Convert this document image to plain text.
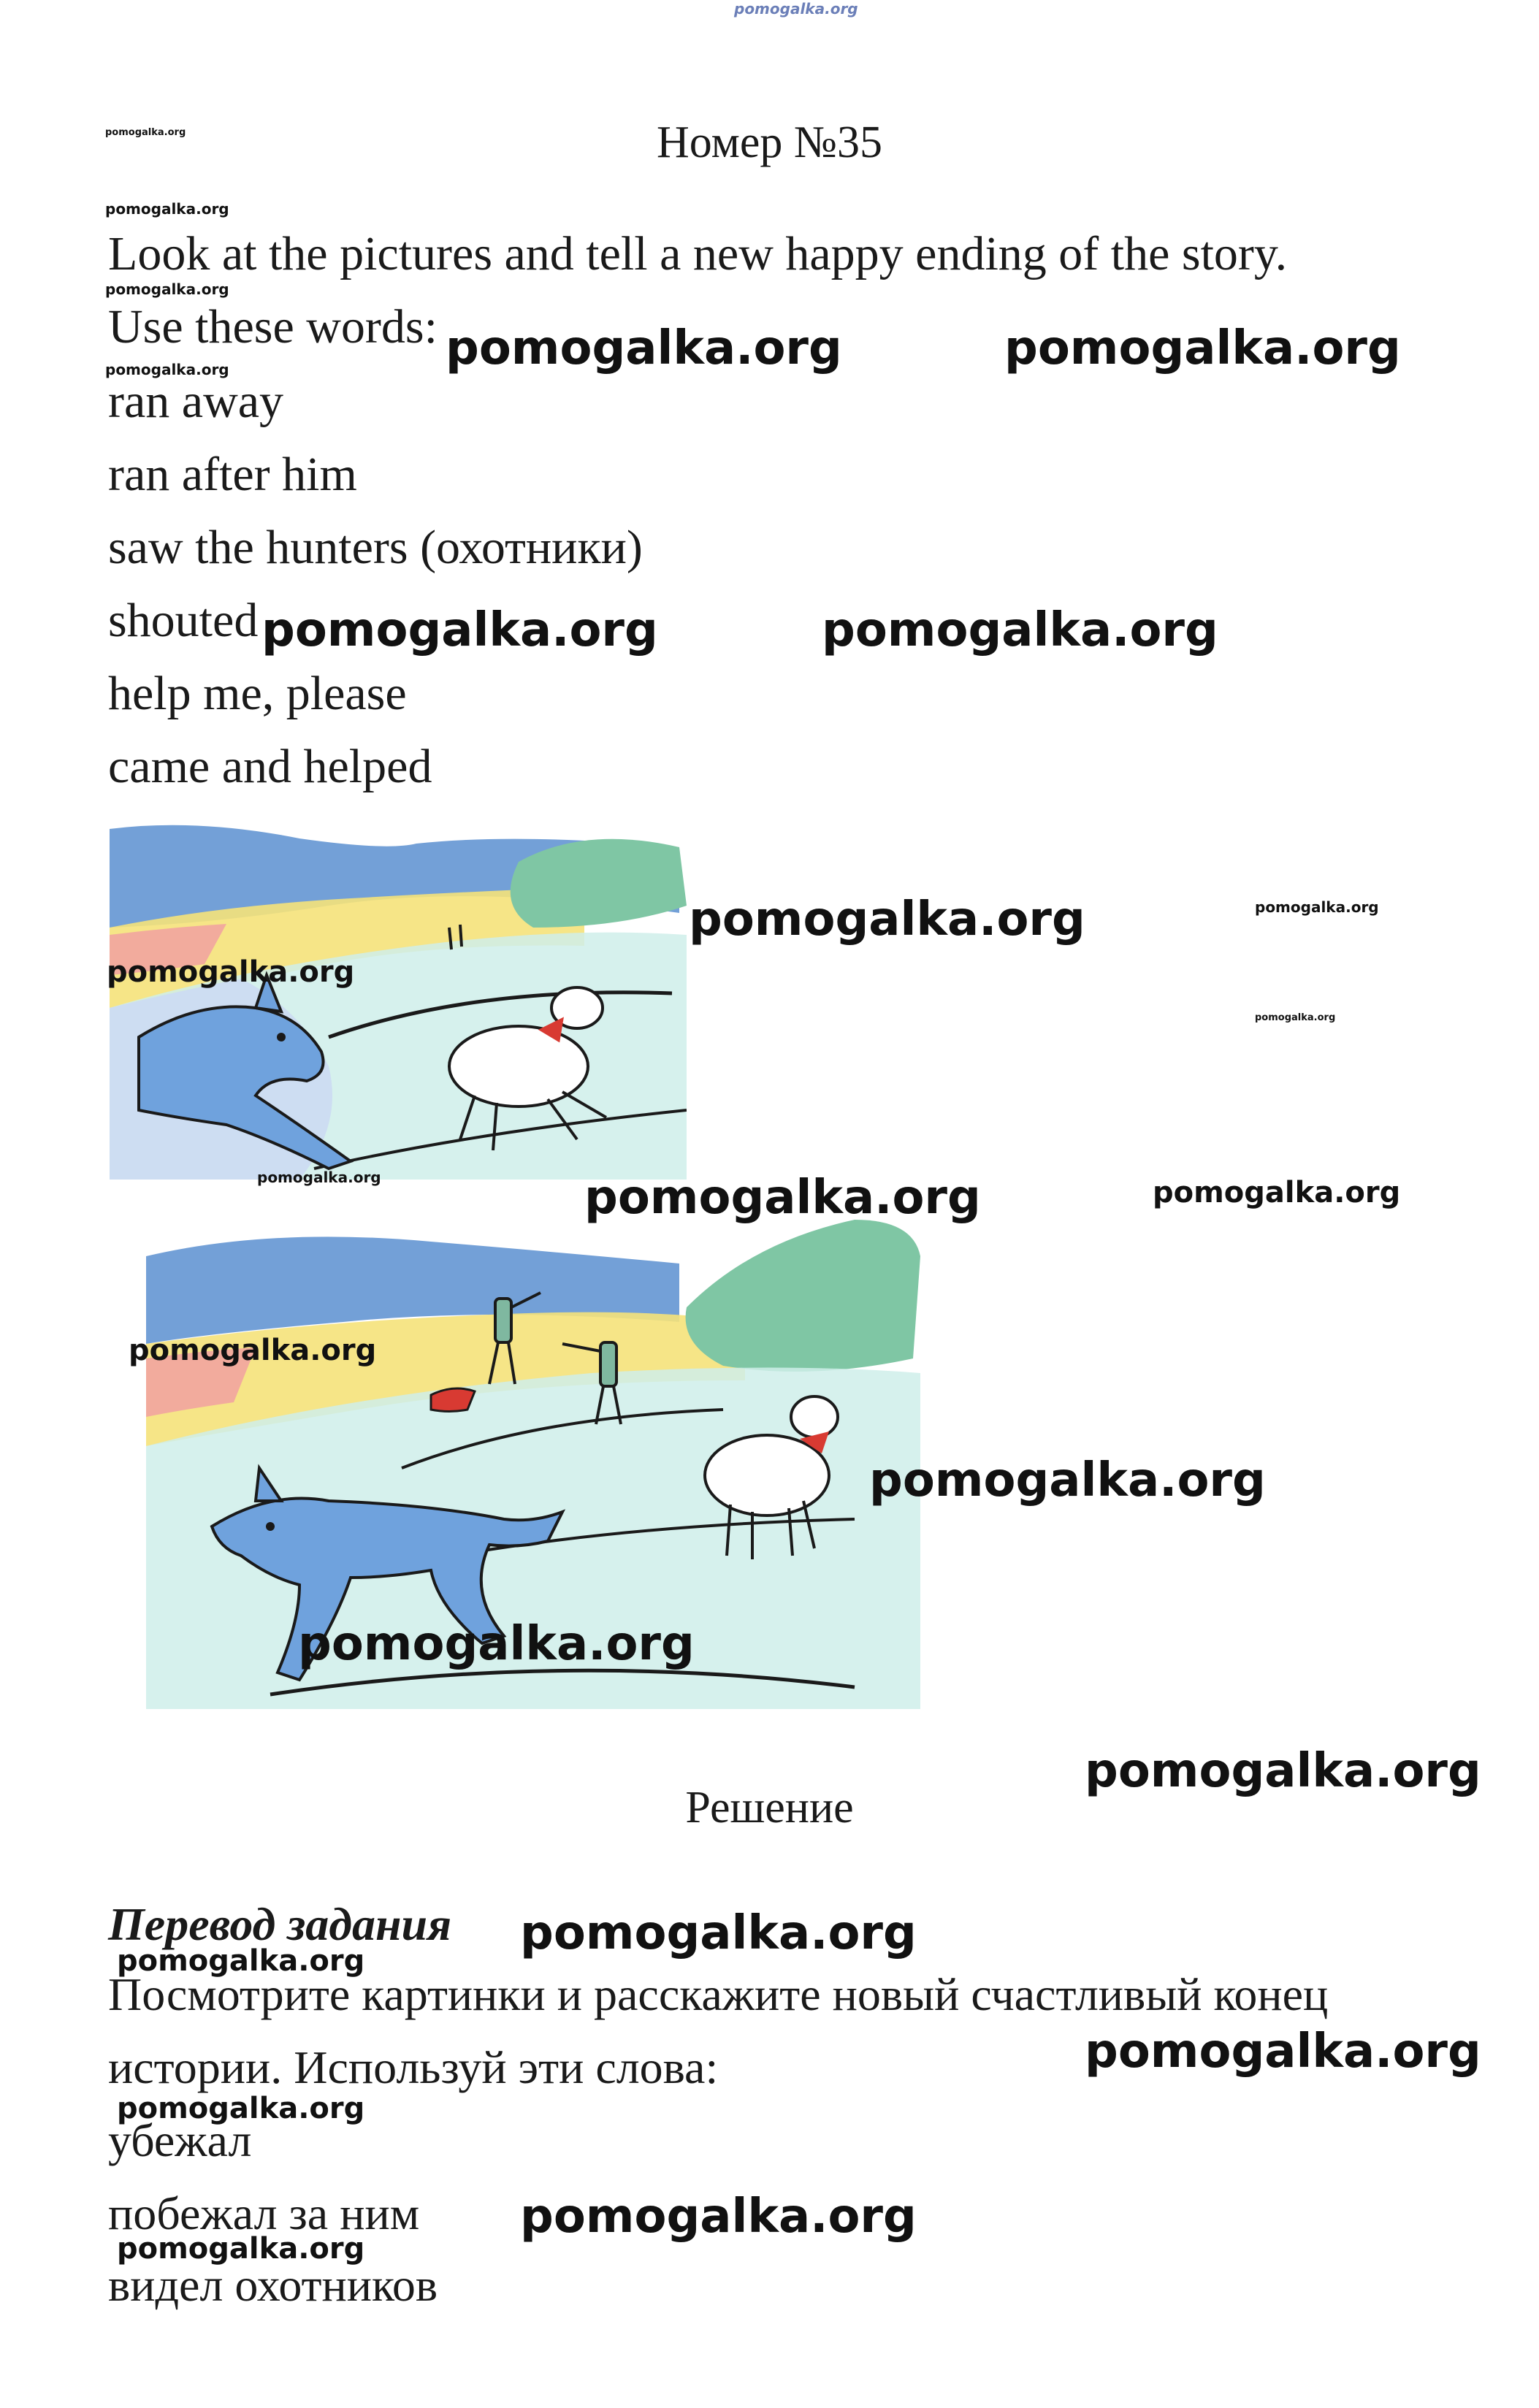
pomogalka.org
pomogalka.org	Номер №35
pomogalka.org
pomogalka.org
pomogalka.org
Look at the pictures and tell a new happy ending of the story.
Use these words:
ran away
ran after him
saw the hunters (охотники)
shouted
help me, please
came and helped
pomogalka.org	pomogalka.org
pomogalka.org	pomogalka.org
pomogalka.org	pomogalka.org
pomogalka.org
pomogalka.org
pomogalka.org	pomogalka.org	pomogalka.org
pomogalka.org
pomogalka.org
pomogalka.org
Решение
pomogalka.org
Перевод задания pomogalka.org
pomogalka.org
Посмотрите картинки и расскажите новый счастливый конец
истории. Используй эти слова:	pomogalka.org
pomogalka.org
убежал
побежал за ним pomogalka.org
pomogalka.org
видел охотников
